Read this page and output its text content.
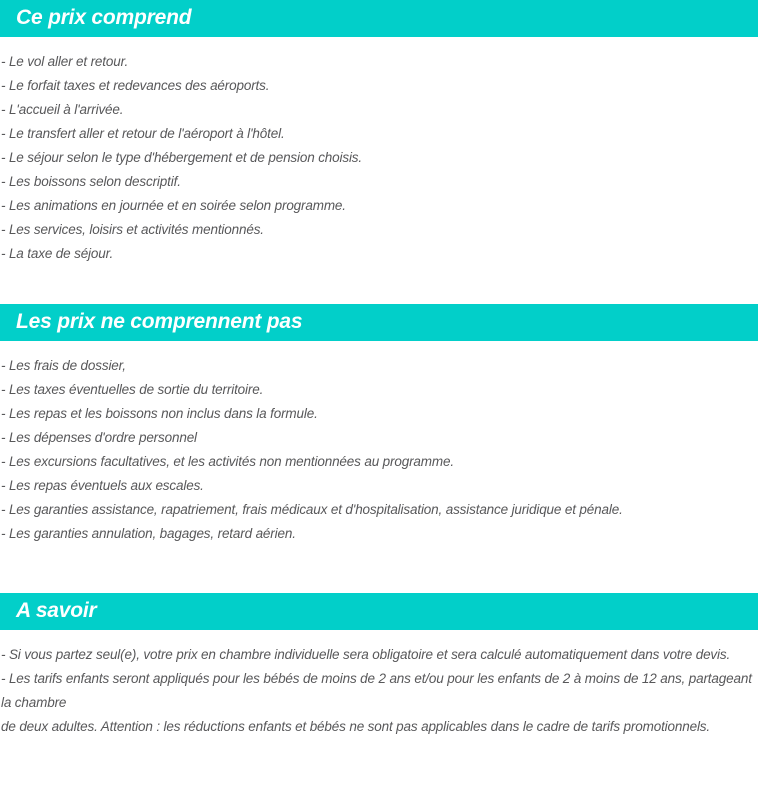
Ce prix comprend
- Le vol aller et retour.
- Le forfait taxes et redevances des aéroports.
- L'accueil à l'arrivée.
- Le transfert aller et retour de l'aéroport à l'hôtel.
- Le séjour selon le type d'hébergement et de pension choisis.
- Les boissons selon descriptif.
- Les animations en journée et en soirée selon programme.
- Les services, loisirs et activités mentionnés.
- La taxe de séjour.
Les prix ne comprennent pas
- Les frais de dossier,
- Les taxes éventuelles de sortie du territoire.
- Les repas et les boissons non inclus dans la formule.
- Les dépenses d'ordre personnel
- Les excursions facultatives, et les activités non mentionnées au programme.
- Les repas éventuels aux escales.
- Les garanties assistance, rapatriement, frais médicaux et d'hospitalisation, assistance juridique et pénale.
- Les garanties annulation, bagages, retard aérien.
A savoir
- Si vous partez seul(e), votre prix en chambre individuelle sera obligatoire et sera calculé automatiquement dans votre devis.
- Les tarifs enfants seront appliqués pour les bébés de moins de 2 ans et/ou pour les enfants de 2 à moins de 12 ans, partageant la chambre
de deux adultes. Attention : les réductions enfants et bébés ne sont pas applicables dans le cadre de tarifs promotionnels.
